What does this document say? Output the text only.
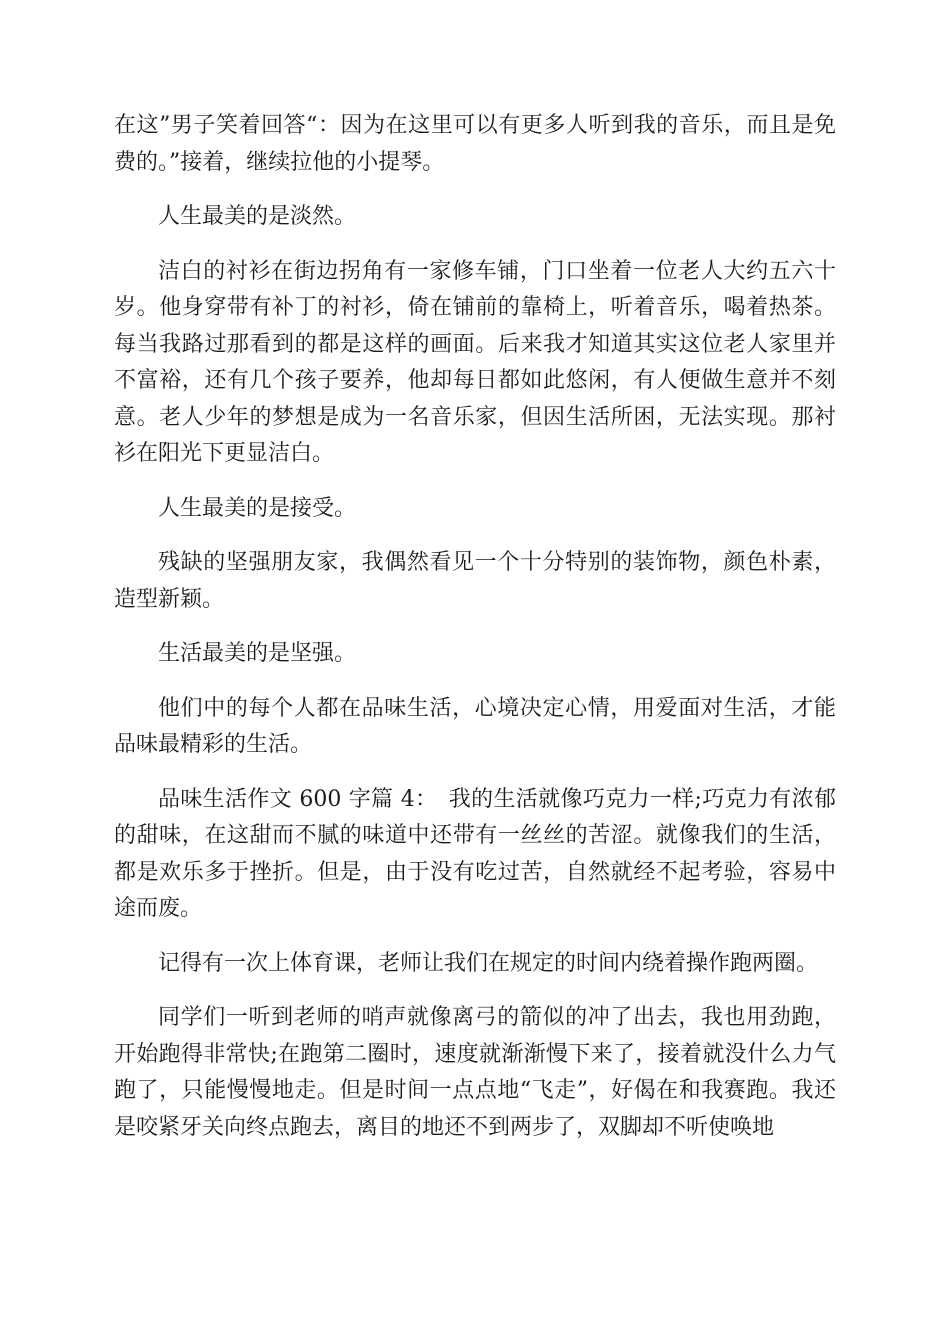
在这”男子笑着回答“：因为在这里可以有更多人听到我的音乐，而且是免费的。”接着，继续拉他的小提琴。

人生最美的是淡然。

洁白的衬衫在街边拐角有一家修车铺，门口坐着一位老人大约五六十岁。他身穿带有补丁的衬衫，倚在铺前的靠椅上，听着音乐，喝着热茶。每当我路过那看到的都是这样的画面。后来我才知道其实这位老人家里并不富裕，还有几个孩子要养，他却每日都如此悠闲，有人便做生意并不刻意。老人少年的梦想是成为一名音乐家，但因生活所困，无法实现。那衬衫在阳光下更显洁白。

人生最美的是接受。

残缺的坚强朋友家，我偶然看见一个十分特别的装饰物，颜色朴素，造型新颖。

生活最美的是坚强。

他们中的每个人都在品味生活，心境决定心情，用爱面对生活，才能品味最精彩的生活。

品味生活作文 600 字篇 4：　我的生活就像巧克力一样;巧克力有浓郁的甜味，在这甜而不腻的味道中还带有一丝丝的苦涩。就像我们的生活，都是欢乐多于挫折。但是，由于没有吃过苦，自然就经不起考验，容易中途而废。

记得有一次上体育课，老师让我们在规定的时间内绕着操作跑两圈。

同学们一听到老师的哨声就像离弓的箭似的冲了出去，我也用劲跑，开始跑得非常快;在跑第二圈时，速度就渐渐慢下来了，接着就没什么力气跑了，只能慢慢地走。但是时间一点点地“飞走”，好偈在和我赛跑。我还是咬紧牙关向终点跑去，离目的地还不到两步了，双脚却不听使唤地
